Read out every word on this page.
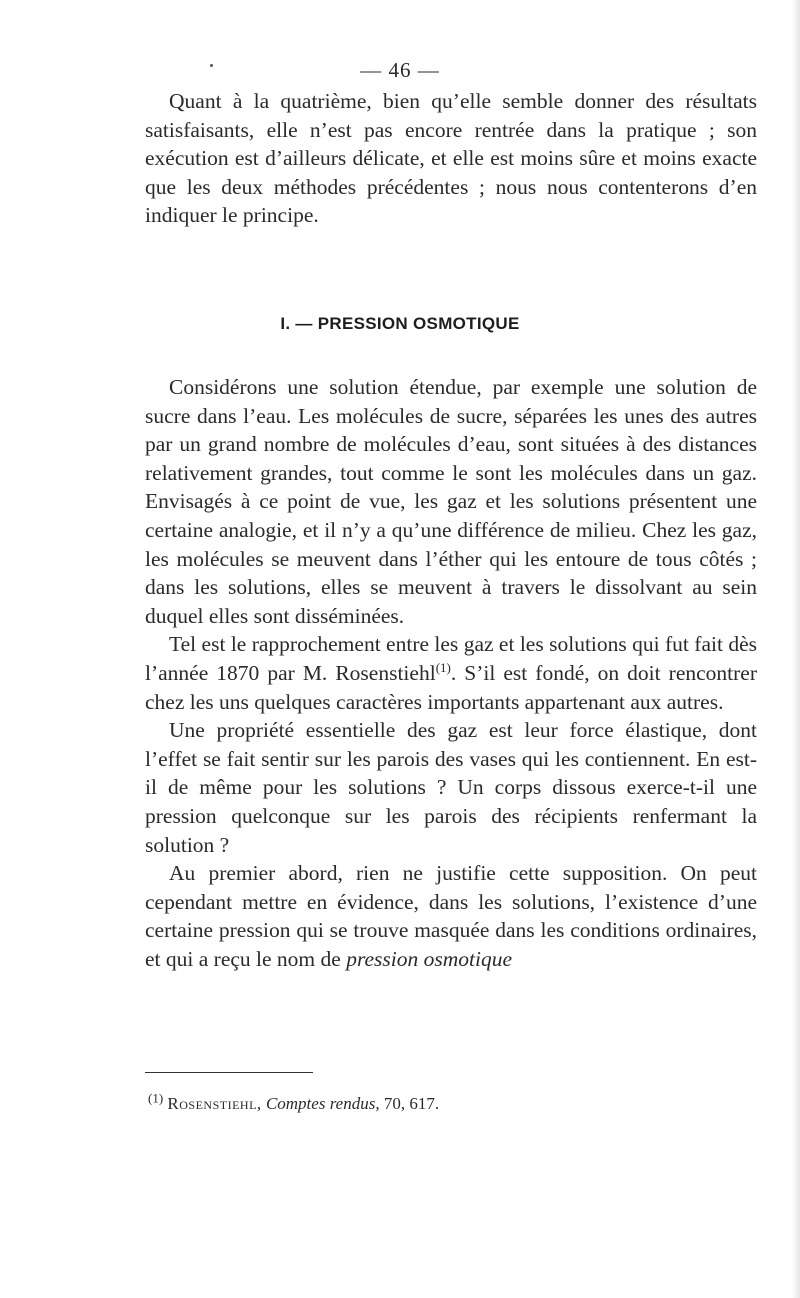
— 46 —

Quant à la quatrième, bien qu’elle semble donner des résultats satisfaisants, elle n’est pas encore rentrée dans la pratique ; son exécution est d’ailleurs délicate, et elle est moins sûre et moins exacte que les deux méthodes précédentes ; nous nous contenterons d’en indiquer le principe.

I. — PRESSION OSMOTIQUE

Considérons une solution étendue, par exemple une solution de sucre dans l’eau. Les molécules de sucre, séparées les unes des autres par un grand nombre de molécules d’eau, sont situées à des distances relativement grandes, tout comme le sont les molécules dans un gaz. Envisagés à ce point de vue, les gaz et les solutions présentent une certaine analogie, et il n’y a qu’une différence de milieu. Chez les gaz, les molécules se meuvent dans l’éther qui les entoure de tous côtés ; dans les solutions, elles se meuvent à travers le dissolvant au sein duquel elles sont disséminées.

Tel est le rapprochement entre les gaz et les solutions qui fut fait dès l’année 1870 par M. Rosenstiehl$^{(1)}$. S’il est fondé, on doit rencontrer chez les uns quelques caractères importants appartenant aux autres.

Une propriété essentielle des gaz est leur force élastique, dont l’effet se fait sentir sur les parois des vases qui les contiennent. En est-il de même pour les solutions ? Un corps dissous exerce-t-il une pression quelconque sur les parois des récipients renfermant la solution ?

Au premier abord, rien ne justifie cette supposition. On peut cependant mettre en évidence, dans les solutions, l’existence d’une certaine pression qui se trouve masquée dans les conditions ordinaires, et qui a reçu le nom de pression osmotique

$^{(1)}$ Rosenstiehl, Comptes rendus, 70, 617.
